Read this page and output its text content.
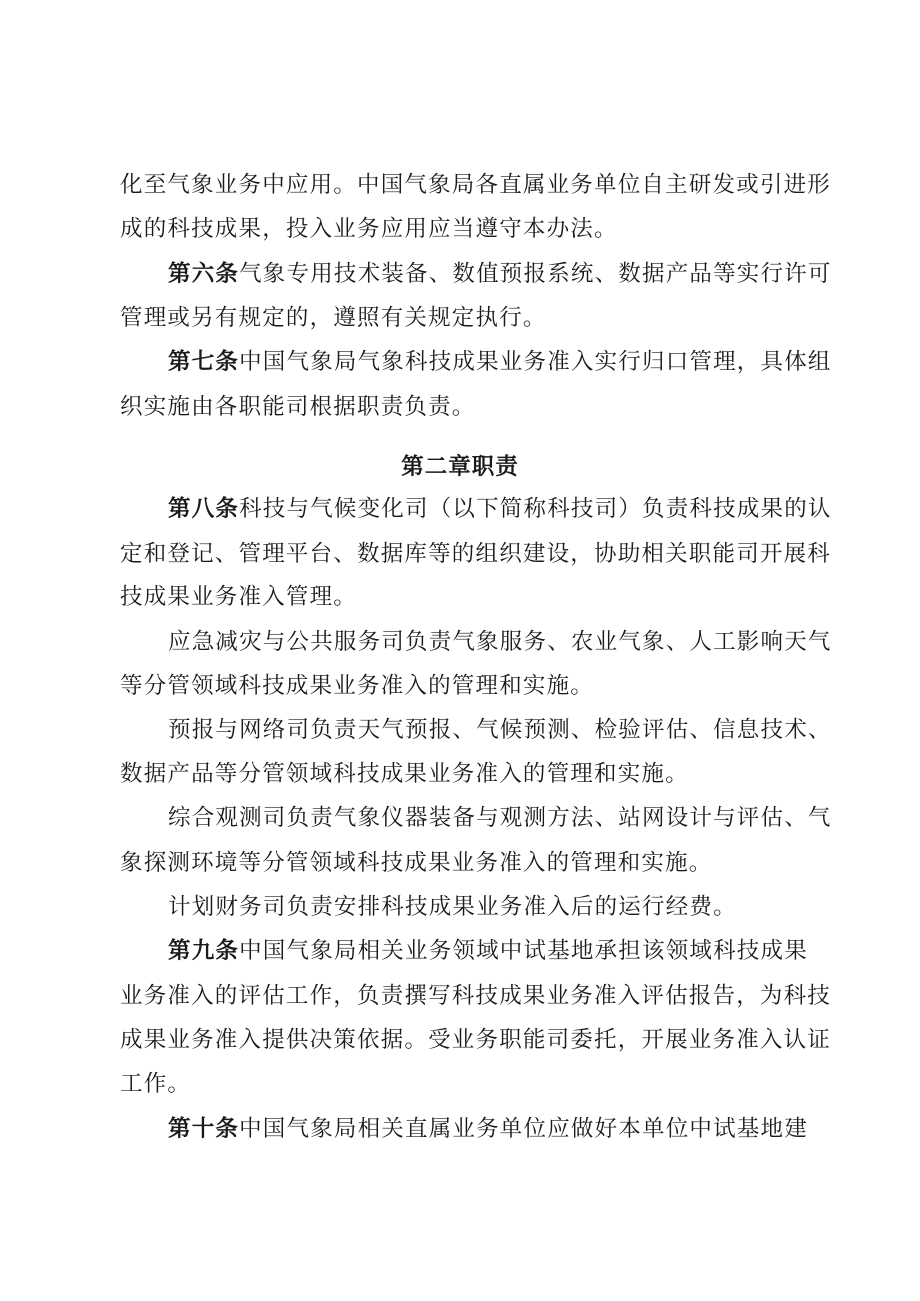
化至气象业务中应用。中国气象局各直属业务单位自主研发或引进形
成的科技成果，投入业务应用应当遵守本办法。
第六条气象专用技术装备、数值预报系统、数据产品等实行许可
管理或另有规定的，遵照有关规定执行。
第七条中国气象局气象科技成果业务准入实行归口管理，具体组
织实施由各职能司根据职责负责。
第二章职责
第八条科技与气候变化司（以下简称科技司）负责科技成果的认
定和登记、管理平台、数据库等的组织建设，协助相关职能司开展科
技成果业务准入管理。
应急减灾与公共服务司负责气象服务、农业气象、人工影响天气
等分管领域科技成果业务准入的管理和实施。
预报与网络司负责天气预报、气候预测、检验评估、信息技术、
数据产品等分管领域科技成果业务准入的管理和实施。
综合观测司负责气象仪器装备与观测方法、站网设计与评估、气
象探测环境等分管领域科技成果业务准入的管理和实施。
计划财务司负责安排科技成果业务准入后的运行经费。
第九条中国气象局相关业务领域中试基地承担该领域科技成果
业务准入的评估工作，负责撰写科技成果业务准入评估报告，为科技
成果业务准入提供决策依据。受业务职能司委托，开展业务准入认证
工作。
第十条中国气象局相关直属业务单位应做好本单位中试基地建
